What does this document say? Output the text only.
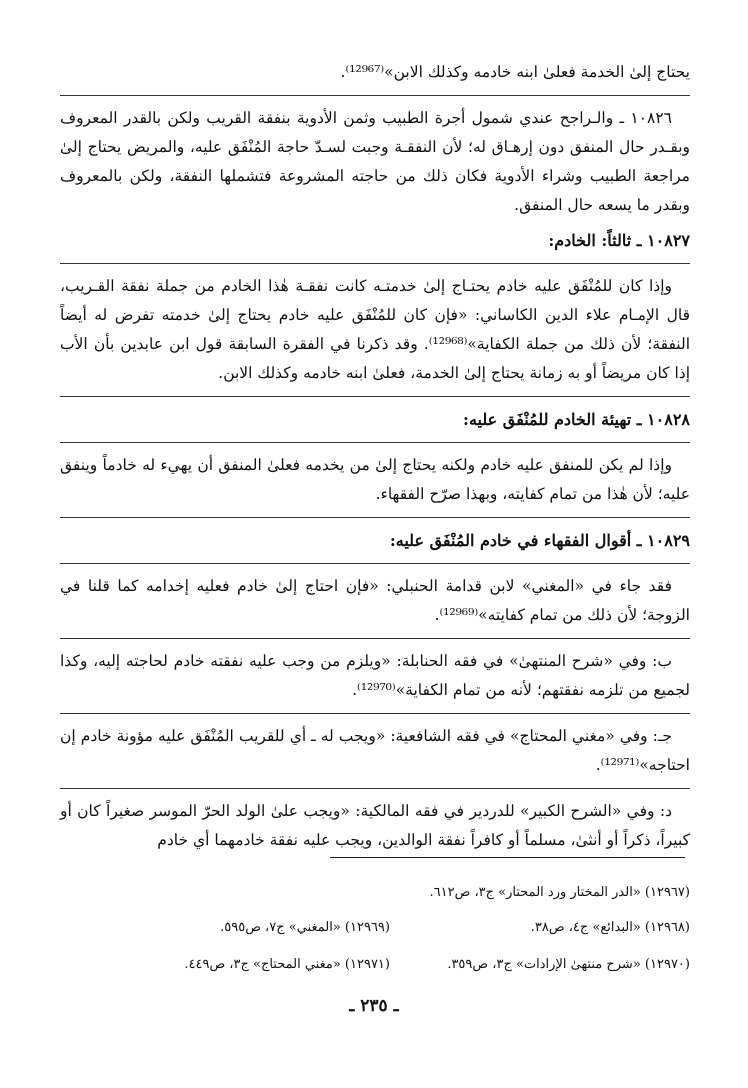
يحتاج إلىٰ الخدمة فعلىٰ ابنه خادمه وكذلك الابن»⁽¹²⁹⁶⁷⁾.

١٠٨٢٦ ـ والـراجح عندي شمول أجرة الطبيب وثمن الأدوية بنفقة القريب ولكن بالقدر المعروف وبقـدر حال المنفق دون إرهـاق له؛ لأن النفقـة وجبت لسـدّ حاجة المُنْفَق عليه، والمريض يحتاج إلىٰ مراجعة الطبيب وشراء الأدوية فكان ذلك من حاجته المشروعة فتشملها النفقة، ولكن بالمعروف وبقدر ما يسعه حال المنفق.

١٠٨٢٧ ـ ثالثاً: الخادم:

وإذا كان للمُنْفَق عليه خادم يحتـاج إلىٰ خدمتـه كانت نفقـة هٰذا الخادم من جملة نفقة القـريب، قال الإمـام علاء الدين الكاساني: «فإن كان للمُنْفَق عليه خادم يحتاج إلىٰ خدمته تفرض له أيضاً النفقة؛ لأن ذلك من جملة الكفاية»⁽¹²⁹⁶⁸⁾. وقد ذكرنا في الفقرة السابقة قول ابن عابدين بأن الأب إذا كان مريضاً أو به زمانة يحتاج إلىٰ الخدمة، فعلىٰ ابنه خادمه وكذلك الابن.

١٠٨٢٨ ـ تهيئة الخادم للمُنْفَق عليه:

وإذا لم يكن للمنفق عليه خادم ولكنه يحتاج إلىٰ من يخدمه فعلىٰ المنفق أن يهيء له خادماً وينفق عليه؛ لأن هٰذا من تمام كفايته، وبهذا صرّح الفقهاء.

١٠٨٢٩ ـ أقوال الفقهاء في خادم المُنْفَق عليه:

فقد جاء في «المغني» لابن قدامة الحنبلي: «فإن احتاج إلىٰ خادم فعليه إخدامه كما قلنا في الزوجة؛ لأن ذلك من تمام كفايته»⁽¹²⁹⁶⁹⁾.

ب: وفي «شرح المنتهىٰ» في فقه الحنابلة: «ويلزم من وجب عليه نفقته خادم لحاجته إليه، وكذا لجميع من تلزمه نفقتهم؛ لأنه من تمام الكفاية»⁽¹²⁹⁷⁰⁾.

جـ: وفي «مغني المحتاج» في فقه الشافعية: «ويجب له ـ أي للقريب المُنْفَق عليه مؤونة خادم إن احتاجه»⁽¹²⁹⁷¹⁾.

د: وفي «الشرح الكبير» للدردير في فقه المالكية: «ويجب علىٰ الولد الحرّ الموسر صغيراً كان أو كبيراً، ذكراً أو أنثىٰ، مسلماً أو كافراً نفقة الوالدين، ويجب عليه نفقة خادمهما أي خادم

(١٢٩٦٧) «الدر المختار ورد المحتار» ج٣، ص٦١٢.
(١٢٩٦٨) «البدائع» ج٤، ص٣٨.
(١٢٩٦٩) «المغني» ج٧، ص٥٩٥.
(١٢٩٧٠) «شرح منتهىٰ الإرادات» ج٣، ص٣٥٩.
(١٢٩٧١) «مغني المحتاج» ج٣، ص٤٤٩.
ـ ٢٣٥ ـ
